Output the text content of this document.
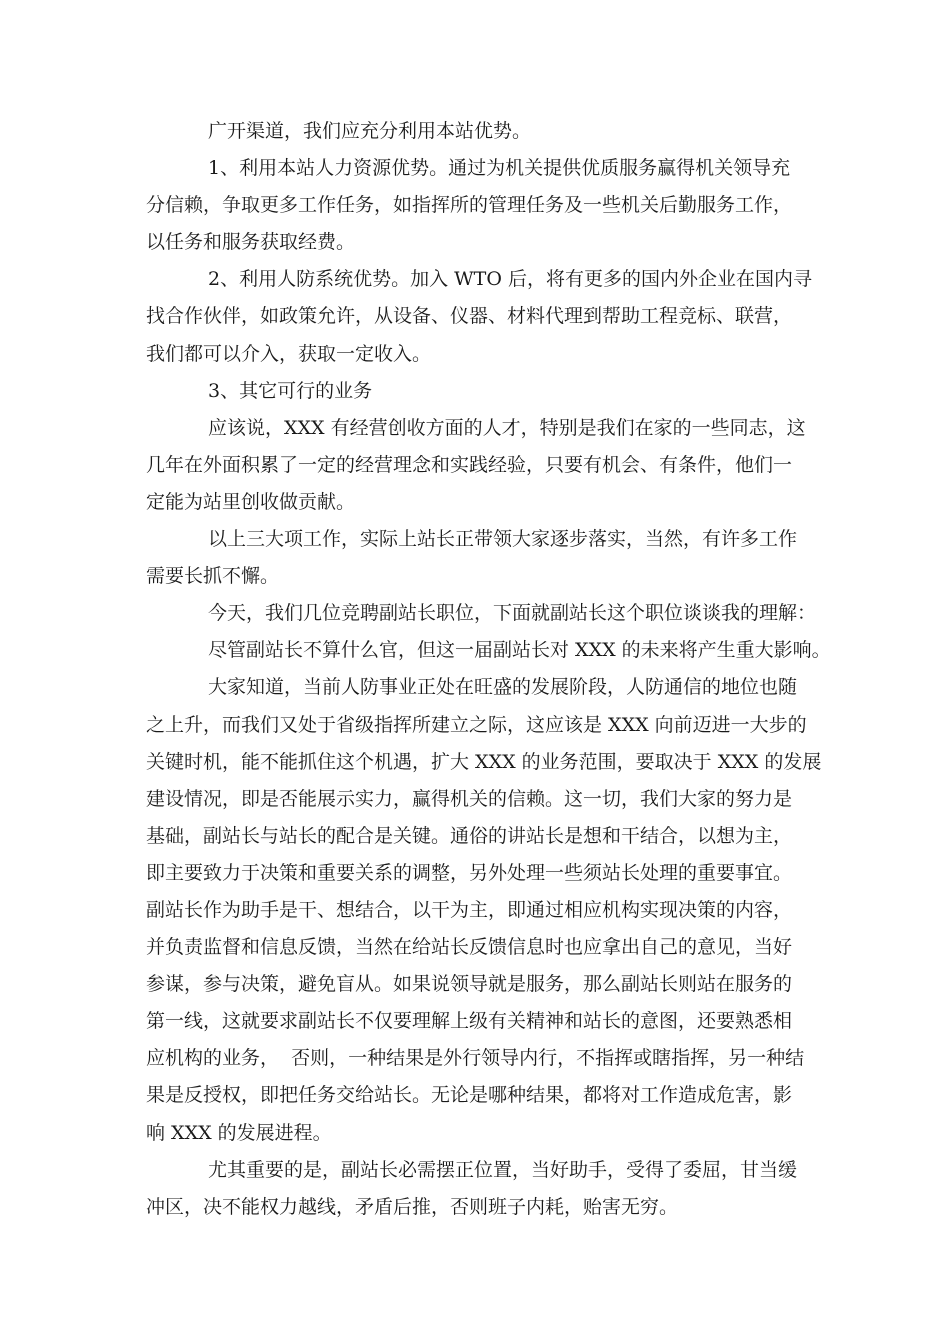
广开渠道，我们应充分利用本站优势。
1、利用本站人力资源优势。通过为机关提供优质服务赢得机关领导充
分信赖，争取更多工作任务，如指挥所的管理任务及一些机关后勤服务工作，
以任务和服务获取经费。
2、利用人防系统优势。加入 WTO 后，将有更多的国内外企业在国内寻
找合作伙伴，如政策允许，从设备、仪器、材料代理到帮助工程竞标、联营，
我们都可以介入，获取一定收入。
3、其它可行的业务
应该说，XXX 有经营创收方面的人才，特别是我们在家的一些同志，这
几年在外面积累了一定的经营理念和实践经验，只要有机会、有条件，他们一
定能为站里创收做贡献。
以上三大项工作，实际上站长正带领大家逐步落实，当然，有许多工作
需要长抓不懈。
今天，我们几位竞聘副站长职位，下面就副站长这个职位谈谈我的理解：
尽管副站长不算什么官，但这一届副站长对 XXX 的未来将产生重大影响。
大家知道，当前人防事业正处在旺盛的发展阶段，人防通信的地位也随
之上升，而我们又处于省级指挥所建立之际，这应该是 XXX 向前迈进一大步的
关键时机，能不能抓住这个机遇，扩大 XXX 的业务范围，要取决于 XXX 的发展
建设情况，即是否能展示实力，赢得机关的信赖。这一切，我们大家的努力是
基础，副站长与站长的配合是关键。通俗的讲站长是想和干结合，以想为主，
即主要致力于决策和重要关系的调整，另外处理一些须站长处理的重要事宜。
副站长作为助手是干、想结合，以干为主，即通过相应机构实现决策的内容，
并负责监督和信息反馈，当然在给站长反馈信息时也应拿出自己的意见，当好
参谋，参与决策，避免盲从。如果说领导就是服务，那么副站长则站在服务的
第一线，这就要求副站长不仅要理解上级有关精神和站长的意图，还要熟悉相
应机构的业务，  否则，一种结果是外行领导内行，不指挥或瞎指挥，另一种结
果是反授权，即把任务交给站长。无论是哪种结果，都将对工作造成危害，影
响 XXX 的发展进程。
尤其重要的是，副站长必需摆正位置，当好助手，受得了委屈，甘当缓
冲区，决不能权力越线，矛盾后推，否则班子内耗，贻害无穷。
